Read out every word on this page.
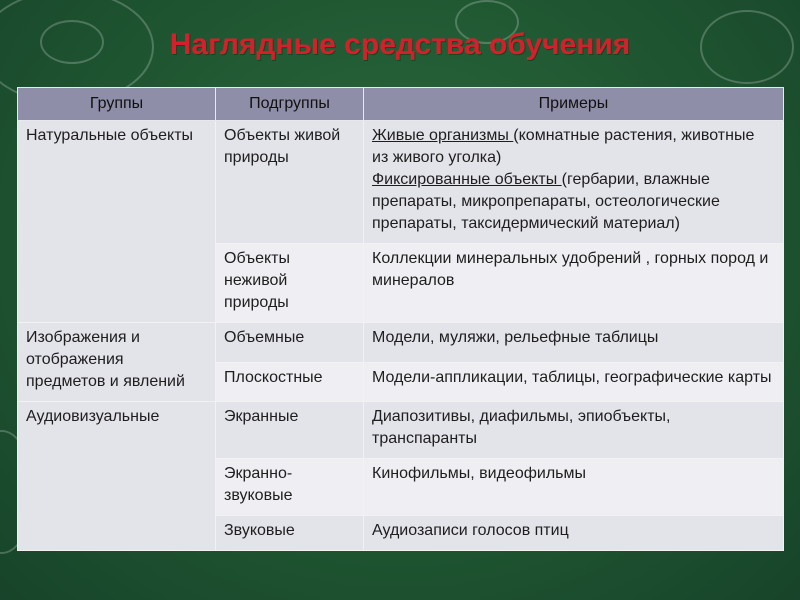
Наглядные средства обучения
Группы	Подгруппы	Примеры
Натуральные объекты	Объекты живой природы	Живые организмы (комнатные растения, животные из живого уголка)
Фиксированные объекты (гербарии, влажные препараты, микропрепараты, остеологические препараты, таксидермический материал)
	Объекты неживой природы	Коллекции минеральных удобрений , горных пород и минералов
Изображения и отображения предметов и явлений	Объемные	Модели, муляжи, рельефные таблицы
	Плоскостные	Модели-аппликации, таблицы, географические карты
Аудиовизуальные	Экранные	Диапозитивы, диафильмы, эпиобъекты, транспаранты
	Экранно-звуковые	Кинофильмы, видеофильмы
	Звуковые	Аудиозаписи голосов птиц
